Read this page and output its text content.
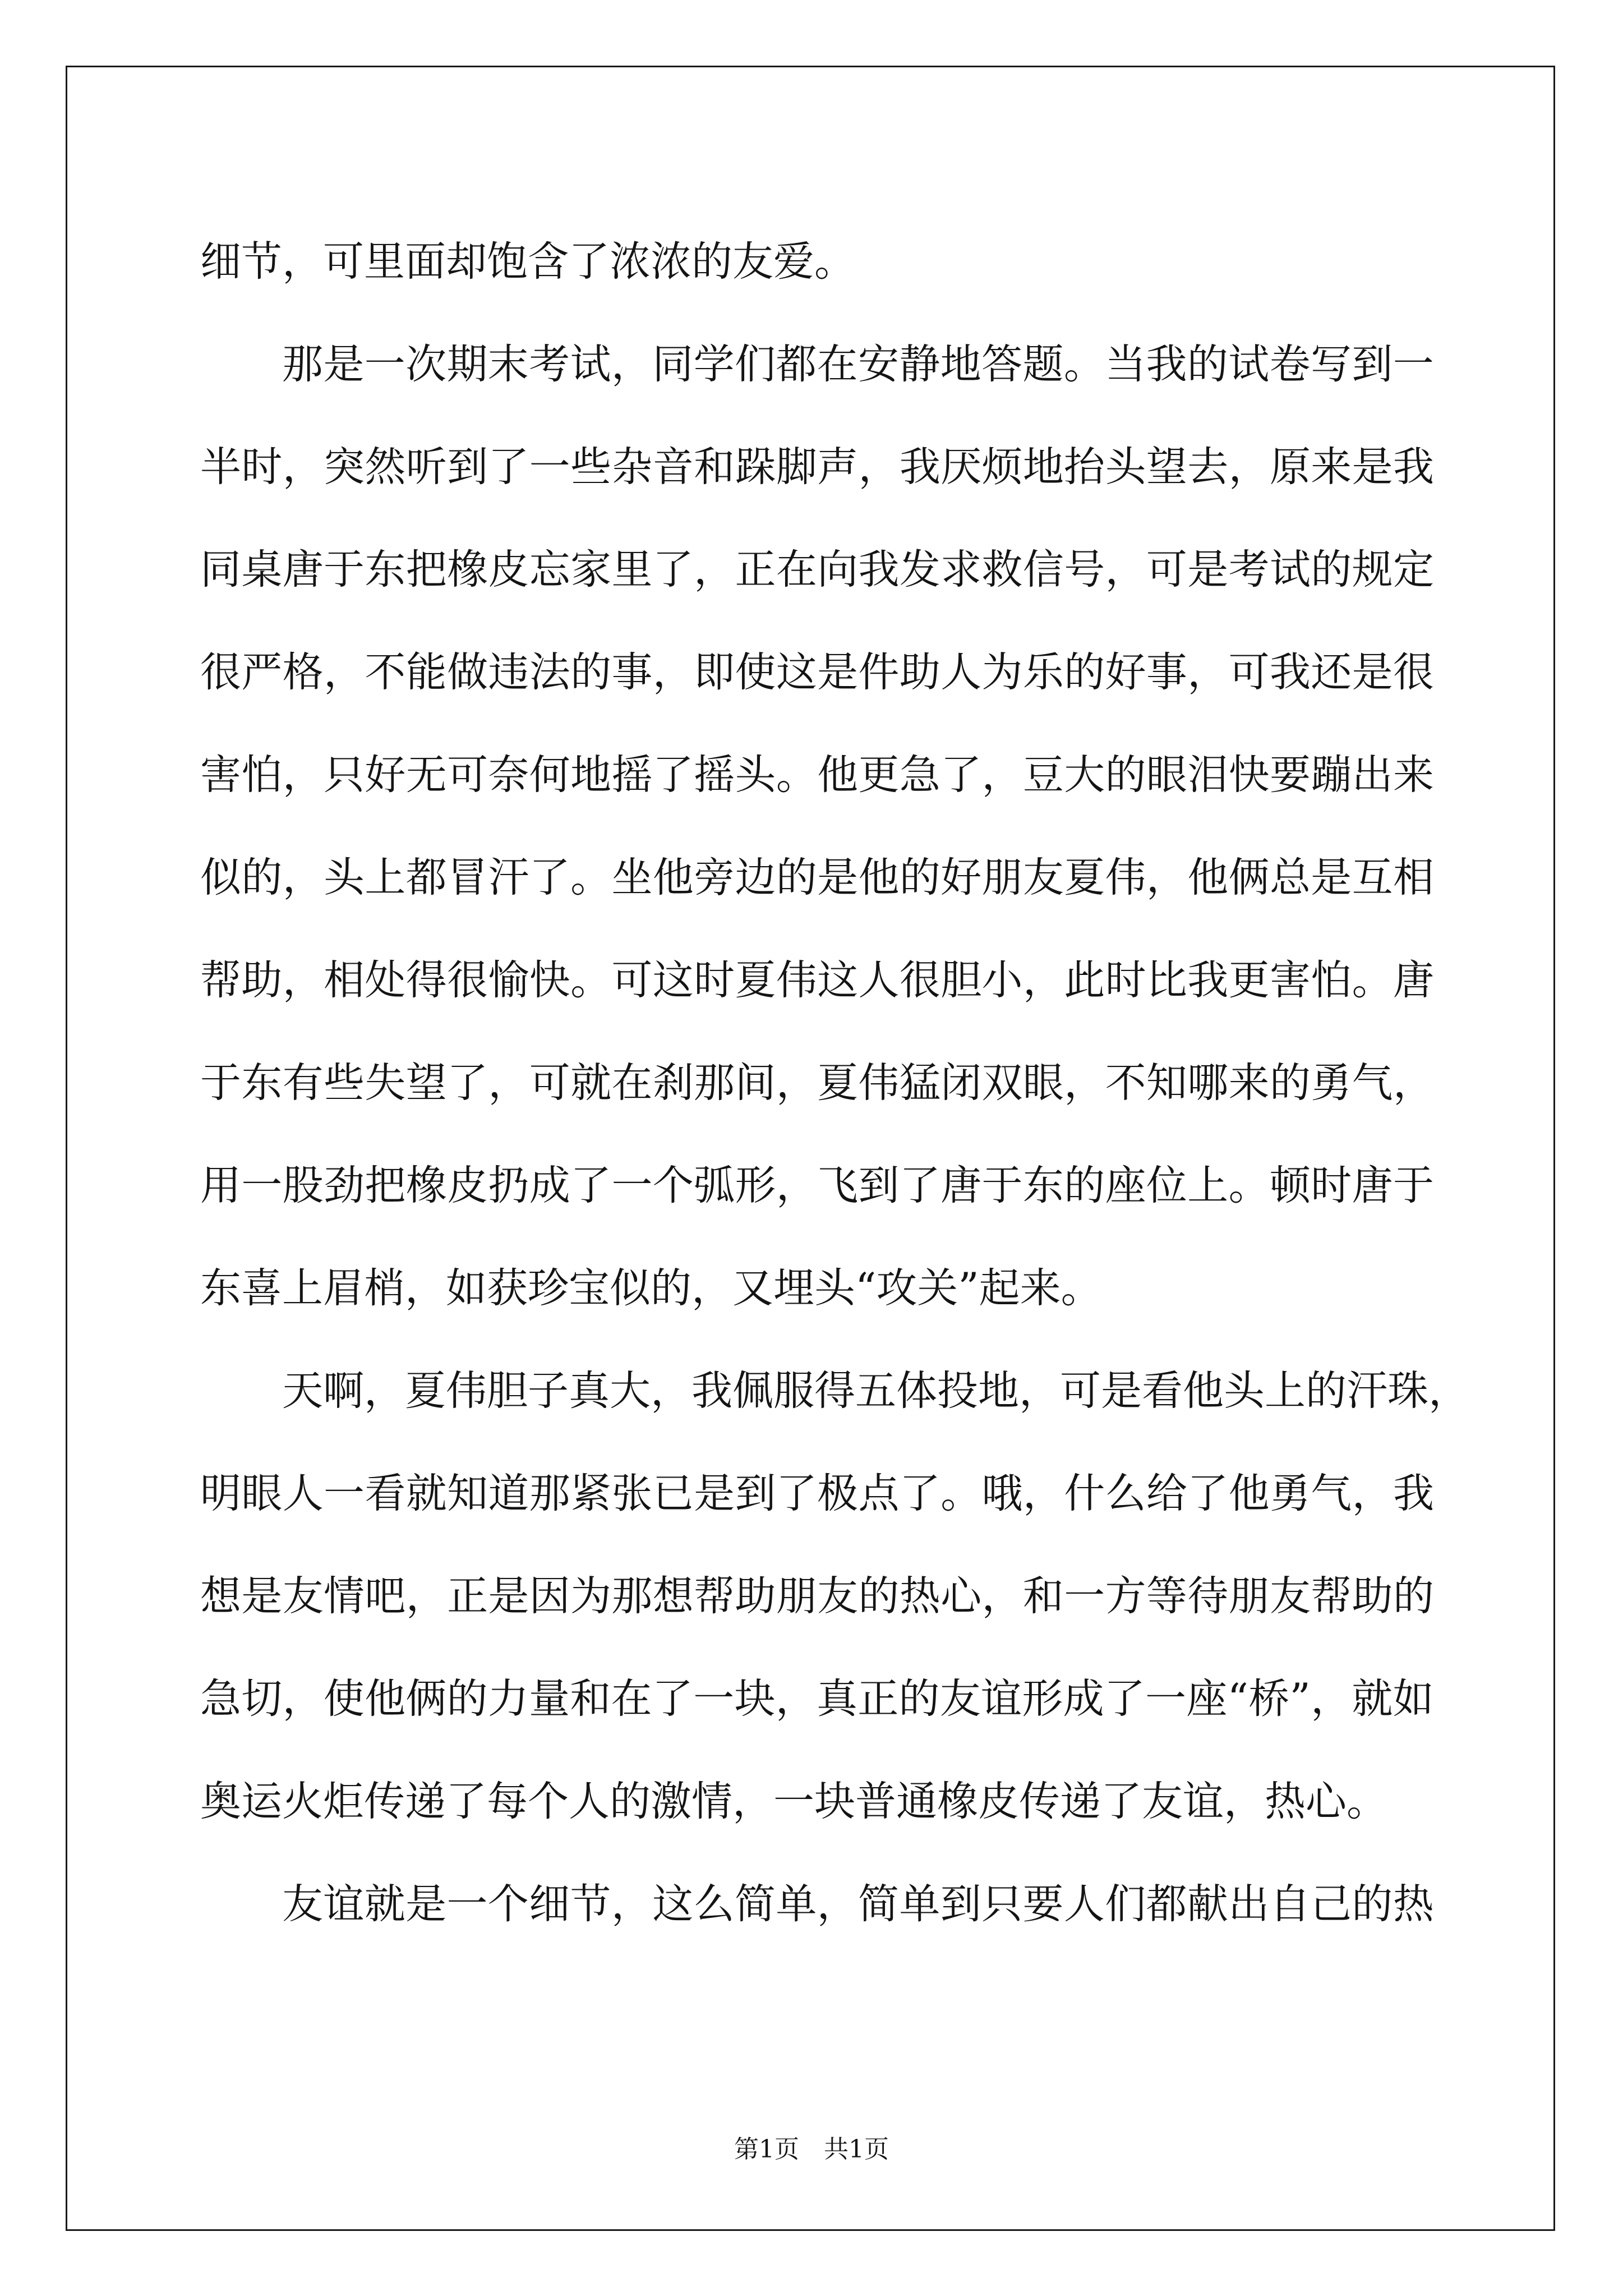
细 节 ， 可 里 面 却 饱 含 了 浓 浓 的 友 爱 。
那 是 一 次 期 末 考 试 ， 同 学 们 都 在 安 静 地 答 题 。 当 我 的 试 卷 写 到 一
半 时 ， 突 然 听 到 了 一 些 杂 音 和 跺 脚 声 ， 我 厌 烦 地 抬 头 望 去 ， 原 来 是 我
同 桌 唐 于 东 把 橡 皮 忘 家 里 了 ， 正 在 向 我 发 求 救 信 号 ， 可 是 考 试 的 规 定
很 严 格 ， 不 能 做 违 法 的 事 ， 即 使 这 是 件 助 人 为 乐 的 好 事 ， 可 我 还 是 很
害 怕 ， 只 好 无 可 奈 何 地 摇 了 摇 头 。 他 更 急 了 ， 豆 大 的 眼 泪 快 要 蹦 出 来
似 的 ， 头 上 都 冒 汗 了 。 坐 他 旁 边 的 是 他 的 好 朋 友 夏 伟 ， 他 俩 总 是 互 相
帮 助 ， 相 处 得 很 愉 快 。 可 这 时 夏 伟 这 人 很 胆 小 ， 此 时 比 我 更 害 怕 。 唐
于 东 有 些 失 望 了 ， 可 就 在 刹 那 间 ， 夏 伟 猛 闭 双 眼 ， 不 知 哪 来 的 勇 气 ，
用 一 股 劲 把 橡 皮 扔 成 了 一 个 弧 形 ， 飞 到 了 唐 于 东 的 座 位 上 。 顿 时 唐 于
东 喜 上 眉 梢 ， 如 获 珍 宝 似 的 ， 又 埋 头 “ 攻 关 ” 起 来 。
天 啊 ， 夏 伟 胆 子 真 大 ， 我 佩 服 得 五 体 投 地 ， 可 是 看 他 头 上 的 汗 珠 ，
明 眼 人 一 看 就 知 道 那 紧 张 已 是 到 了 极 点 了 。 哦 ， 什 么 给 了 他 勇 气 ， 我
想 是 友 情 吧 ， 正 是 因 为 那 想 帮 助 朋 友 的 热 心 ， 和 一 方 等 待 朋 友 帮 助 的
急 切 ， 使 他 俩 的 力 量 和 在 了 一 块 ， 真 正 的 友 谊 形 成 了 一 座 “ 桥 ” ， 就 如
奥 运 火 炬 传 递 了 每 个 人 的 激 情 ， 一 块 普 通 橡 皮 传 递 了 友 谊 ， 热 心 。
友 谊 就 是 一 个 细 节 ， 这 么 简 单 ， 简 单 到 只 要 人 们 都 献 出 自 己 的 热
第1页　共1页
